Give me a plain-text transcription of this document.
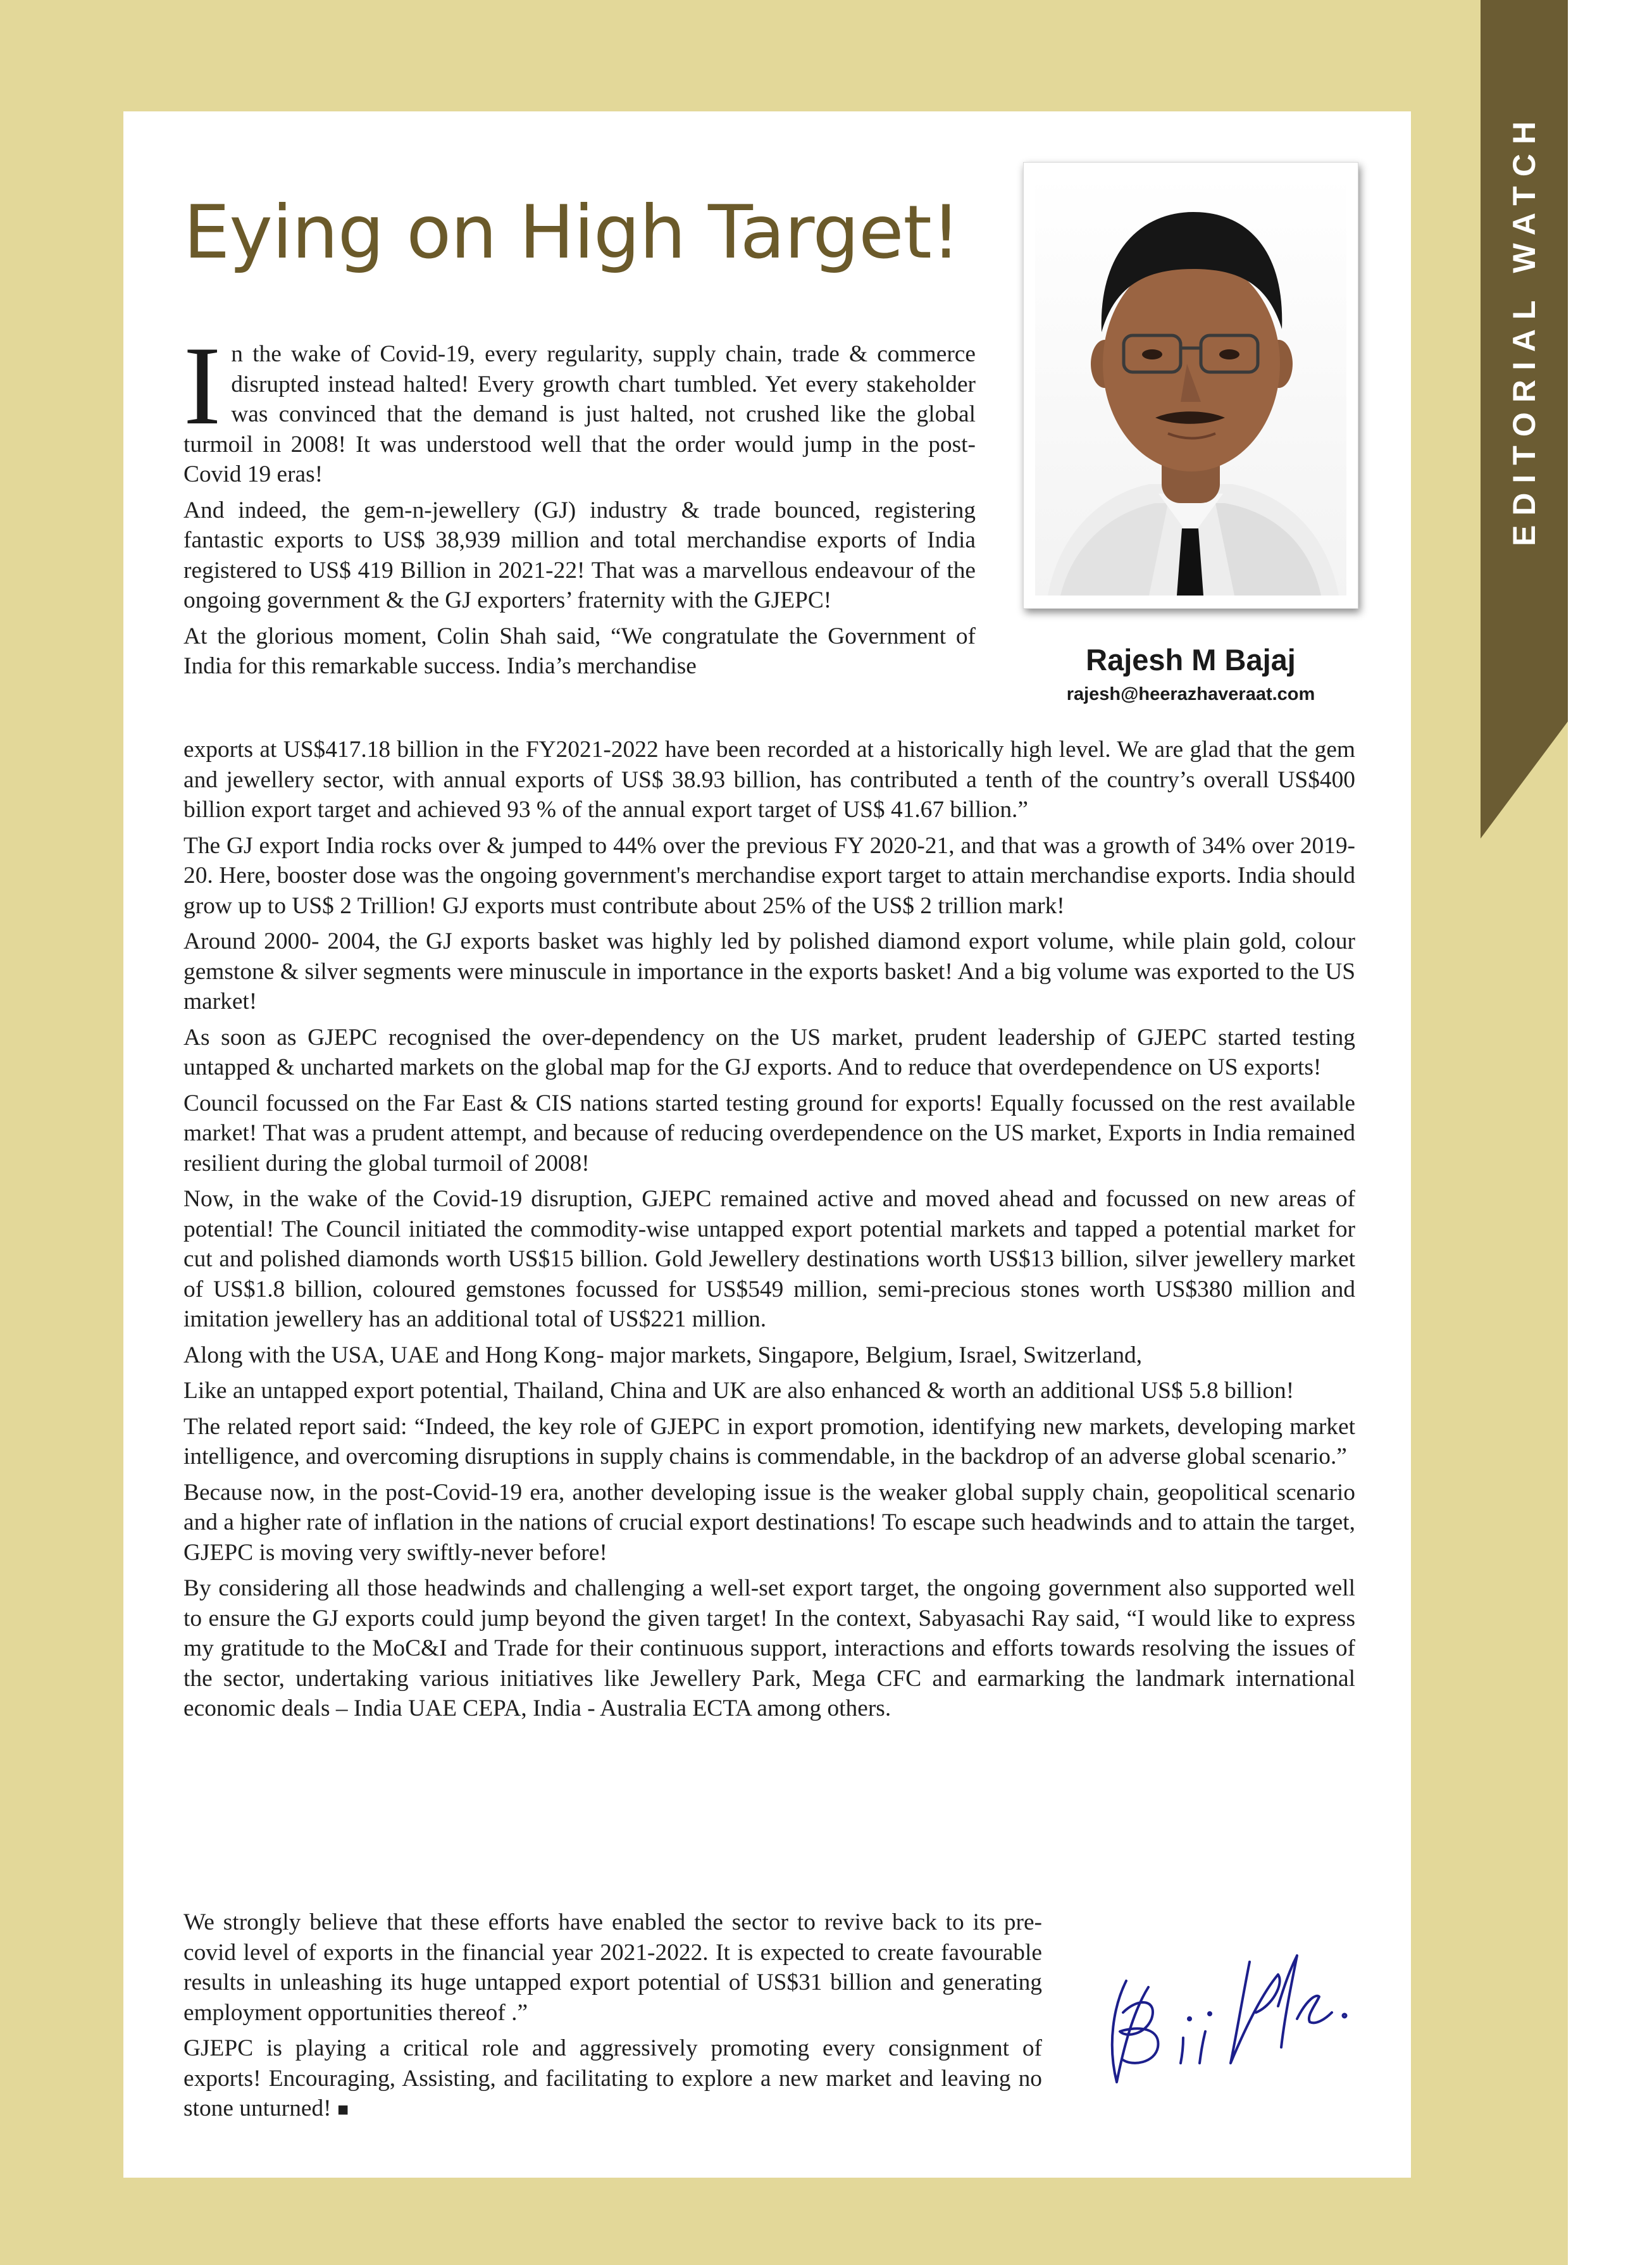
EDITORIAL WATCH
Eying on High Target!
Rajesh M Bajaj
rajesh@heerazhaveraat.com

In the wake of Covid-19, every regularity, supply chain, trade & commerce disrupted instead halted! Every growth chart tumbled. Yet every stakeholder was convinced that the demand is just halted, not crushed like the global turmoil in 2008! It was understood well that the order would jump in the post-Covid 19 eras!

And indeed, the gem-n-jewellery (GJ) industry & trade bounced, registering fantastic exports to US$ 38,939 million and total merchandise exports of India registered to US$ 419 Billion in 2021-22! That was a marvellous endeavour of the ongoing government & the GJ exporters’ fraternity with the GJEPC!

At the glorious moment, Colin Shah said, “We congratulate the Government of India for this remarkable success. India’s merchandise

exports at US$417.18 billion in the FY2021-2022 have been recorded at a historically high level. We are glad that the gem and jewellery sector, with annual exports of US$ 38.93 billion, has contributed a tenth of the country’s overall US$400 billion export target and achieved 93 % of the annual export target of US$ 41.67 billion.”

The GJ export India rocks over & jumped to 44% over the previous FY 2020-21, and that was a growth of 34% over 2019-20. Here, booster dose was the ongoing government's merchandise export target to attain merchandise exports. India should grow up to US$ 2 Trillion! GJ exports must contribute about 25% of the US$ 2 trillion mark!

Around 2000- 2004, the GJ exports basket was highly led by polished diamond export volume, while plain gold, colour gemstone & silver segments were minuscule in importance in the exports basket! And a big volume was exported to the US market!

As soon as GJEPC recognised the over-dependency on the US market, prudent leadership of GJEPC started testing untapped & uncharted markets on the global map for the GJ exports. And to reduce that overdependence on US exports!

Council focussed on the Far East & CIS nations started testing ground for exports! Equally focussed on the rest available market! That was a prudent attempt, and because of reducing overdependence on the US market, Exports in India remained resilient during the global turmoil of 2008!

Now, in the wake of the Covid-19 disruption, GJEPC remained active and moved ahead and focussed on new areas of potential! The Council initiated the commodity-wise untapped export potential markets and tapped a potential market for cut and polished diamonds worth US$15 billion. Gold Jewellery destinations worth US$13 billion, silver jewellery market of US$1.8 billion, coloured gemstones focussed for US$549 million, semi-precious stones worth US$380 million and imitation jewellery has an additional total of US$221 million.

Along with the USA, UAE and Hong Kong- major markets, Singapore, Belgium, Israel, Switzerland,

Like an untapped export potential, Thailand, China and UK are also enhanced & worth an additional US$ 5.8 billion!

The related report said: “Indeed, the key role of GJEPC in export promotion, identifying new markets, developing market intelligence, and overcoming disruptions in supply chains is commendable, in the backdrop of an adverse global scenario.”

Because now, in the post-Covid-19 era, another developing issue is the weaker global supply chain, geopolitical scenario and a higher rate of inflation in the nations of crucial export destinations! To escape such headwinds and to attain the target, GJEPC is moving very swiftly-never before!

By considering all those headwinds and challenging a well-set export target, the ongoing government also supported well to ensure the GJ exports could jump beyond the given target! In the context, Sabyasachi Ray said, “I would like to express my gratitude to the MoC&I and Trade for their continuous support, interactions and efforts towards resolving the issues of the sector, undertaking various initiatives like Jewellery Park, Mega CFC and earmarking the landmark international economic deals – India UAE CEPA, India - Australia ECTA among others.

We strongly believe that these efforts have enabled the sector to revive back to its pre-covid level of exports in the financial year 2021-2022. It is expected to create favourable results in unleashing its huge untapped export potential of US$31 billion and generating employment opportunities thereof .”

GJEPC is playing a critical role and aggressively promoting every consignment of exports! Encouraging, Assisting, and facilitating to explore a new market and leaving no stone unturned! ■
